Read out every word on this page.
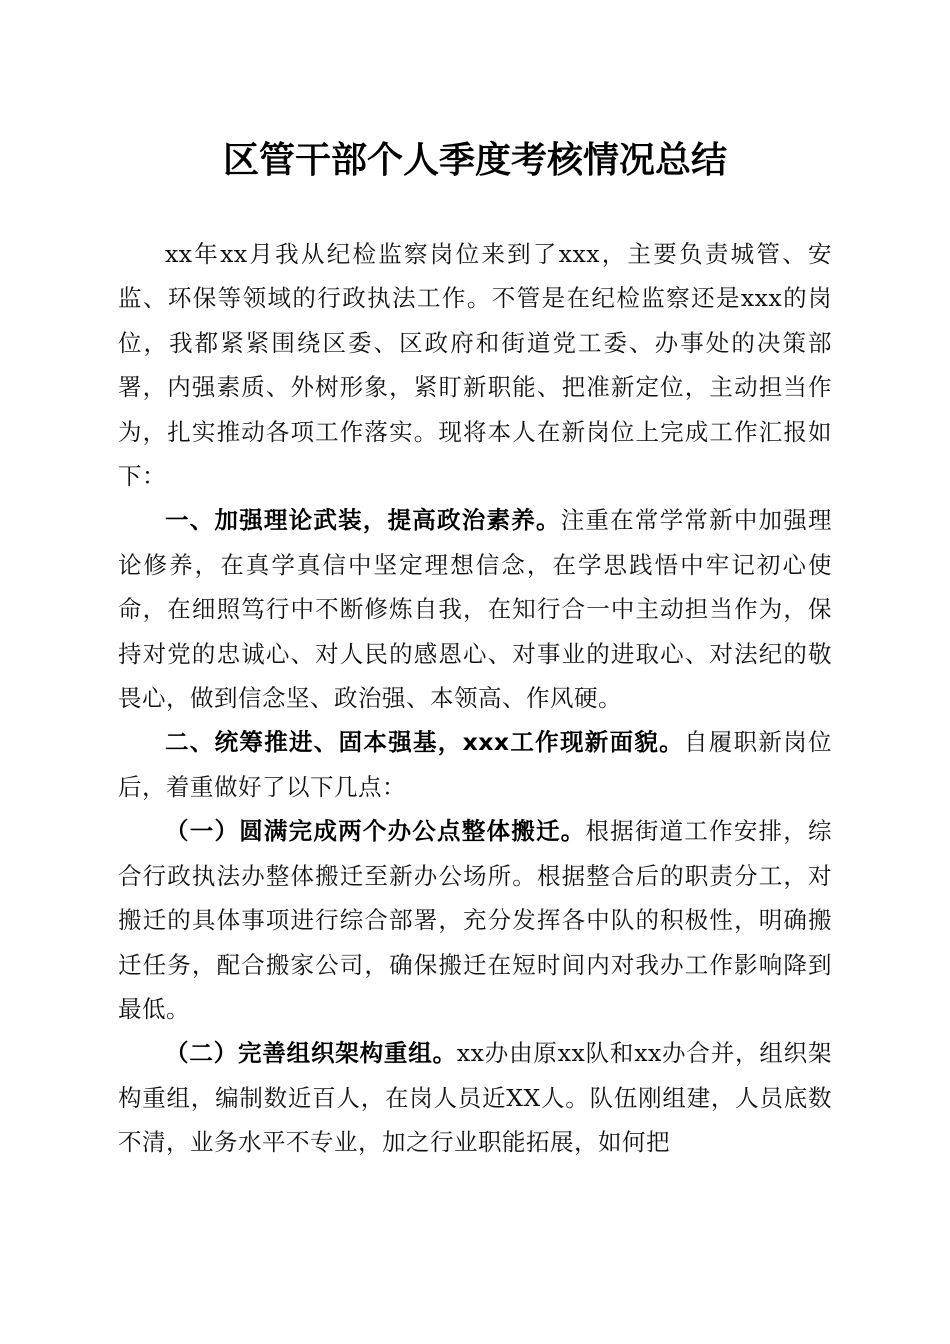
区管干部个人季度考核情况总结

xx年xx月我从纪检监察岗位来到了xxx，主要负责城管、安监、环保等领域的行政执法工作。不管是在纪检监察还是xxx的岗位，我都紧紧围绕区委、区政府和街道党工委、办事处的决策部署，内强素质、外树形象，紧盯新职能、把准新定位，主动担当作为，扎实推动各项工作落实。现将本人在新岗位上完成工作汇报如下：

一、加强理论武装，提高政治素养。注重在常学常新中加强理论修养，在真学真信中坚定理想信念，在学思践悟中牢记初心使命，在细照笃行中不断修炼自我，在知行合一中主动担当作为，保持对党的忠诚心、对人民的感恩心、对事业的进取心、对法纪的敬畏心，做到信念坚、政治强、本领高、作风硬。

二、统筹推进、固本强基，xxx工作现新面貌。自履职新岗位后，着重做好了以下几点：

（一）圆满完成两个办公点整体搬迁。根据街道工作安排，综合行政执法办整体搬迁至新办公场所。根据整合后的职责分工，对搬迁的具体事项进行综合部署，充分发挥各中队的积极性，明确搬迁任务，配合搬家公司，确保搬迁在短时间内对我办工作影响降到最低。

（二）完善组织架构重组。xx办由原xx队和xx办合并，组织架构重组，编制数近百人，在岗人员近XX人。队伍刚组建，人员底数不清，业务水平不专业，加之行业职能拓展，如何把
